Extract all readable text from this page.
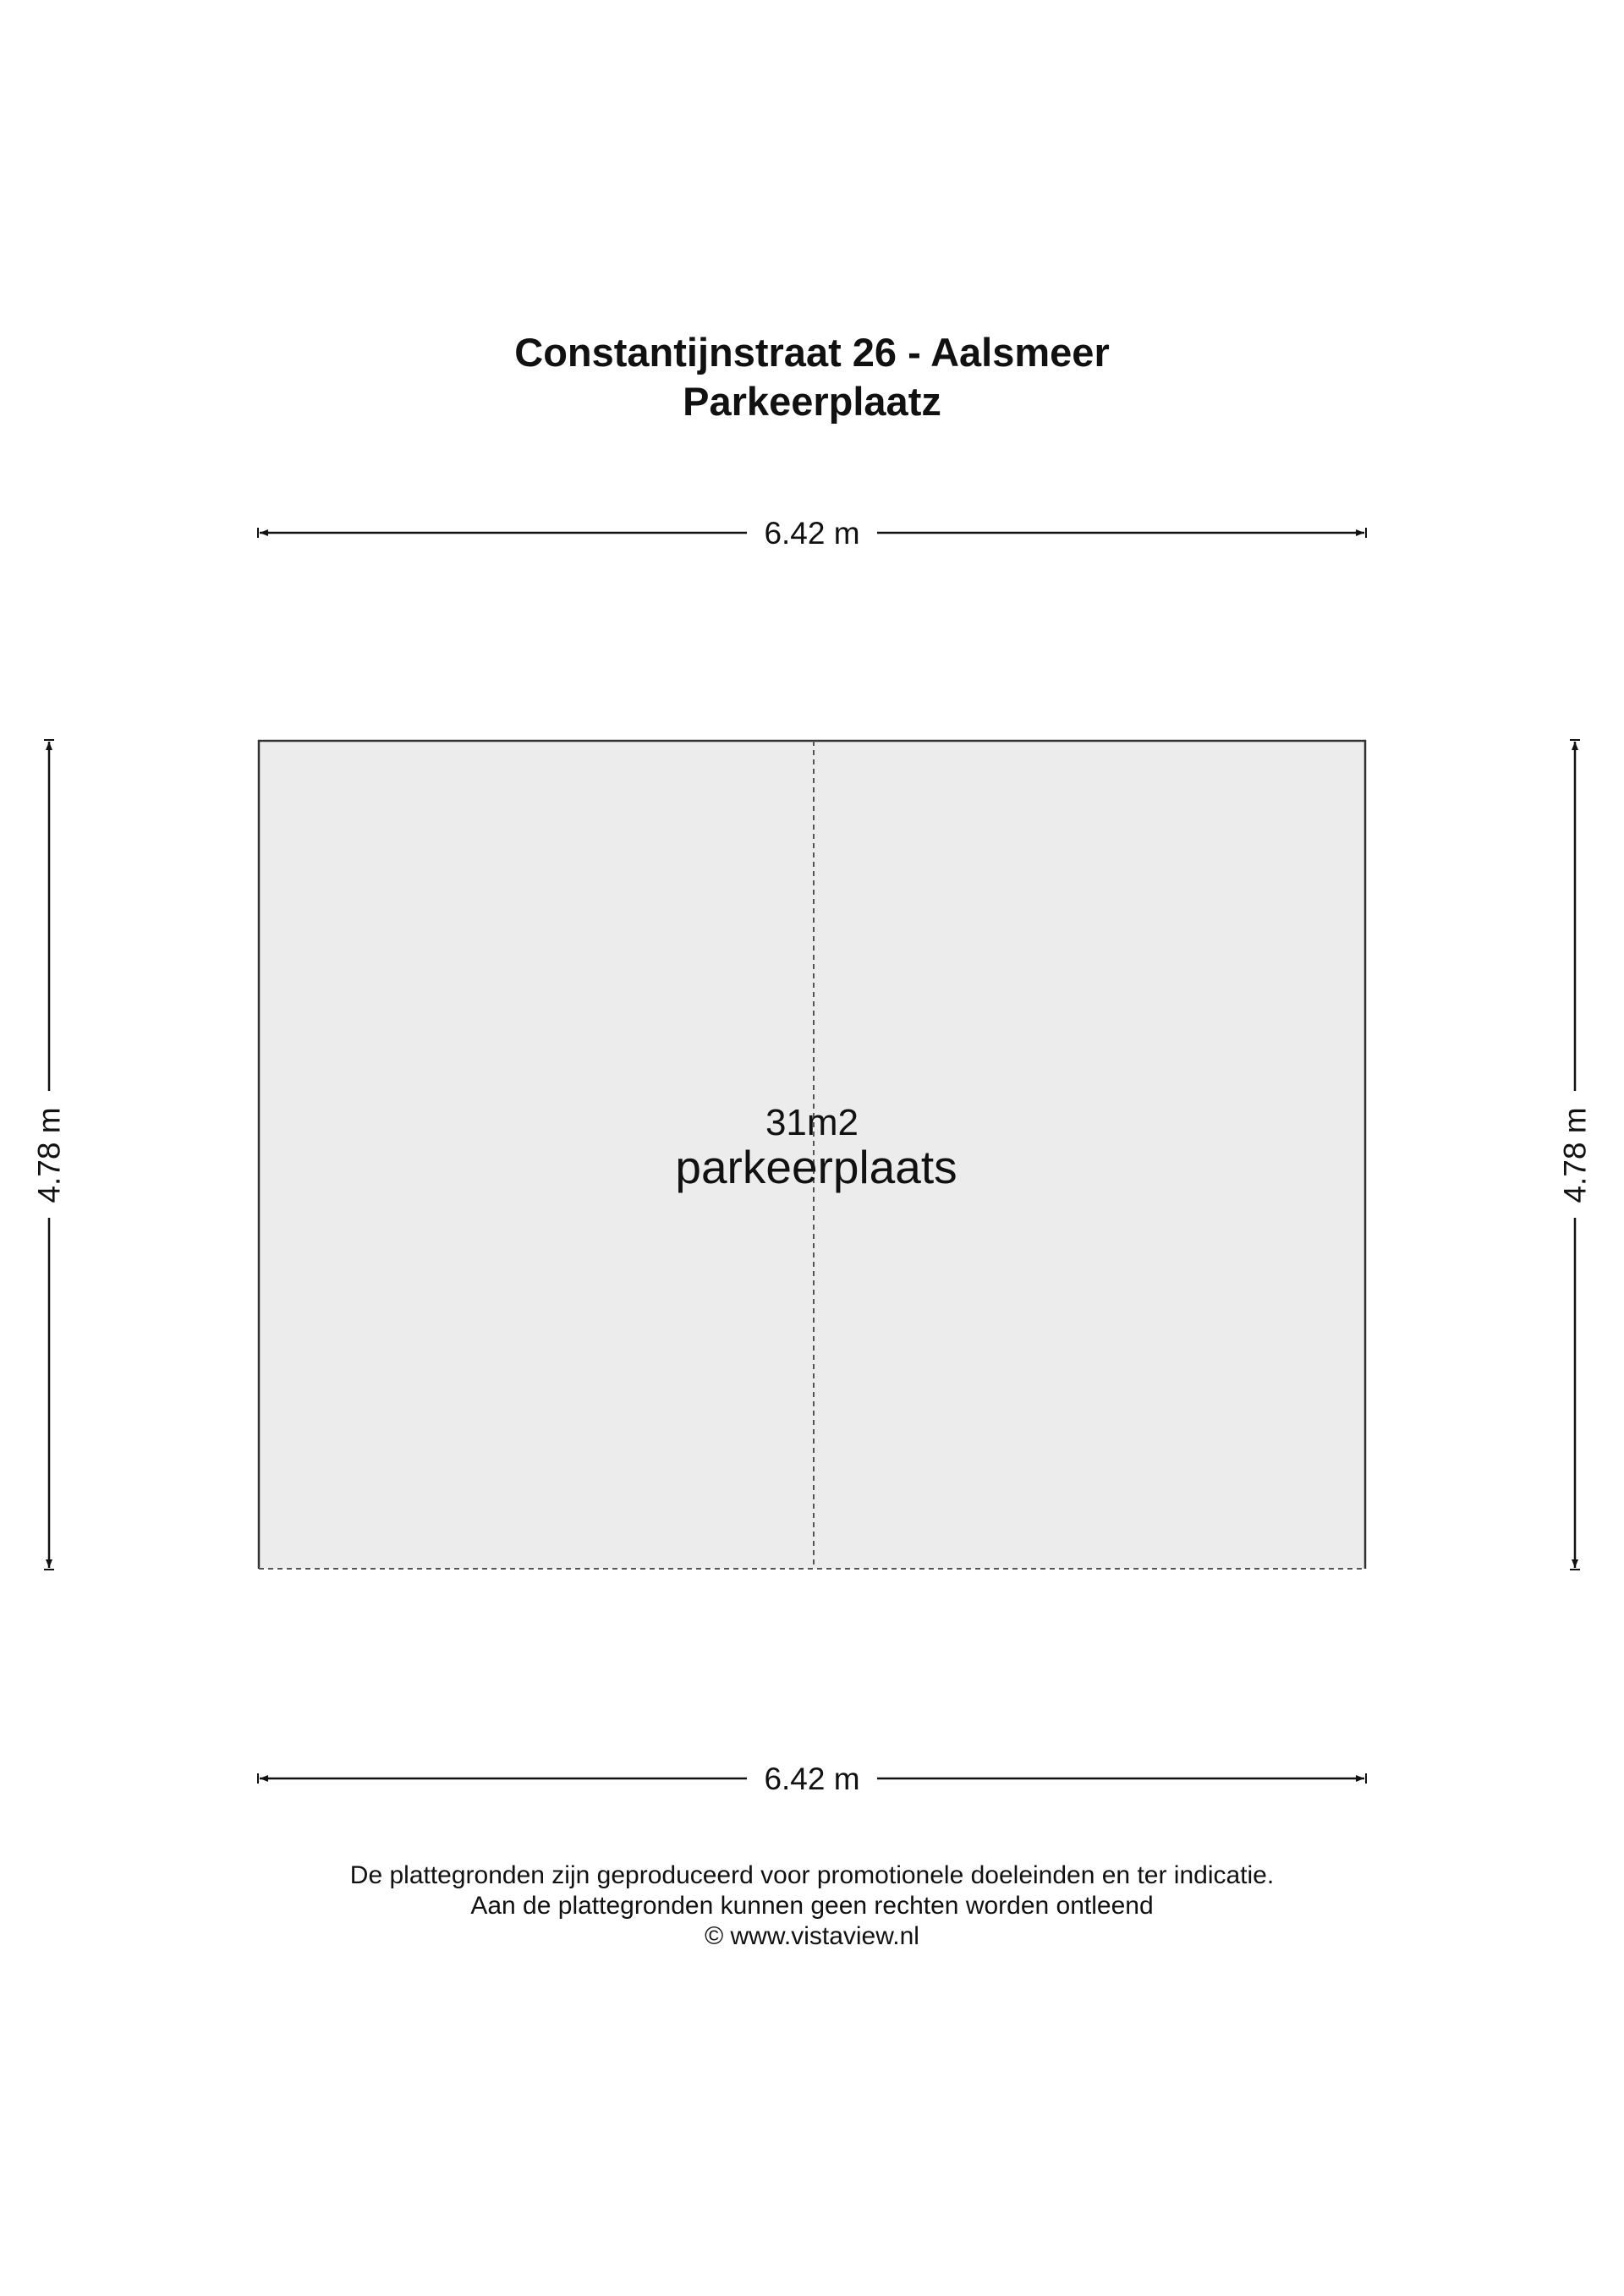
Constantijnstraat 26 - Aalsmeer
Parkeerplaatz
6.42 m
4.78 m	4.78 m
31m2
parkeerplaats
6.42 m
De plattegronden zijn geproduceerd voor promotionele doeleinden en ter indicatie.
Aan de plattegronden kunnen geen rechten worden ontleend
© www.vistaview.nl
